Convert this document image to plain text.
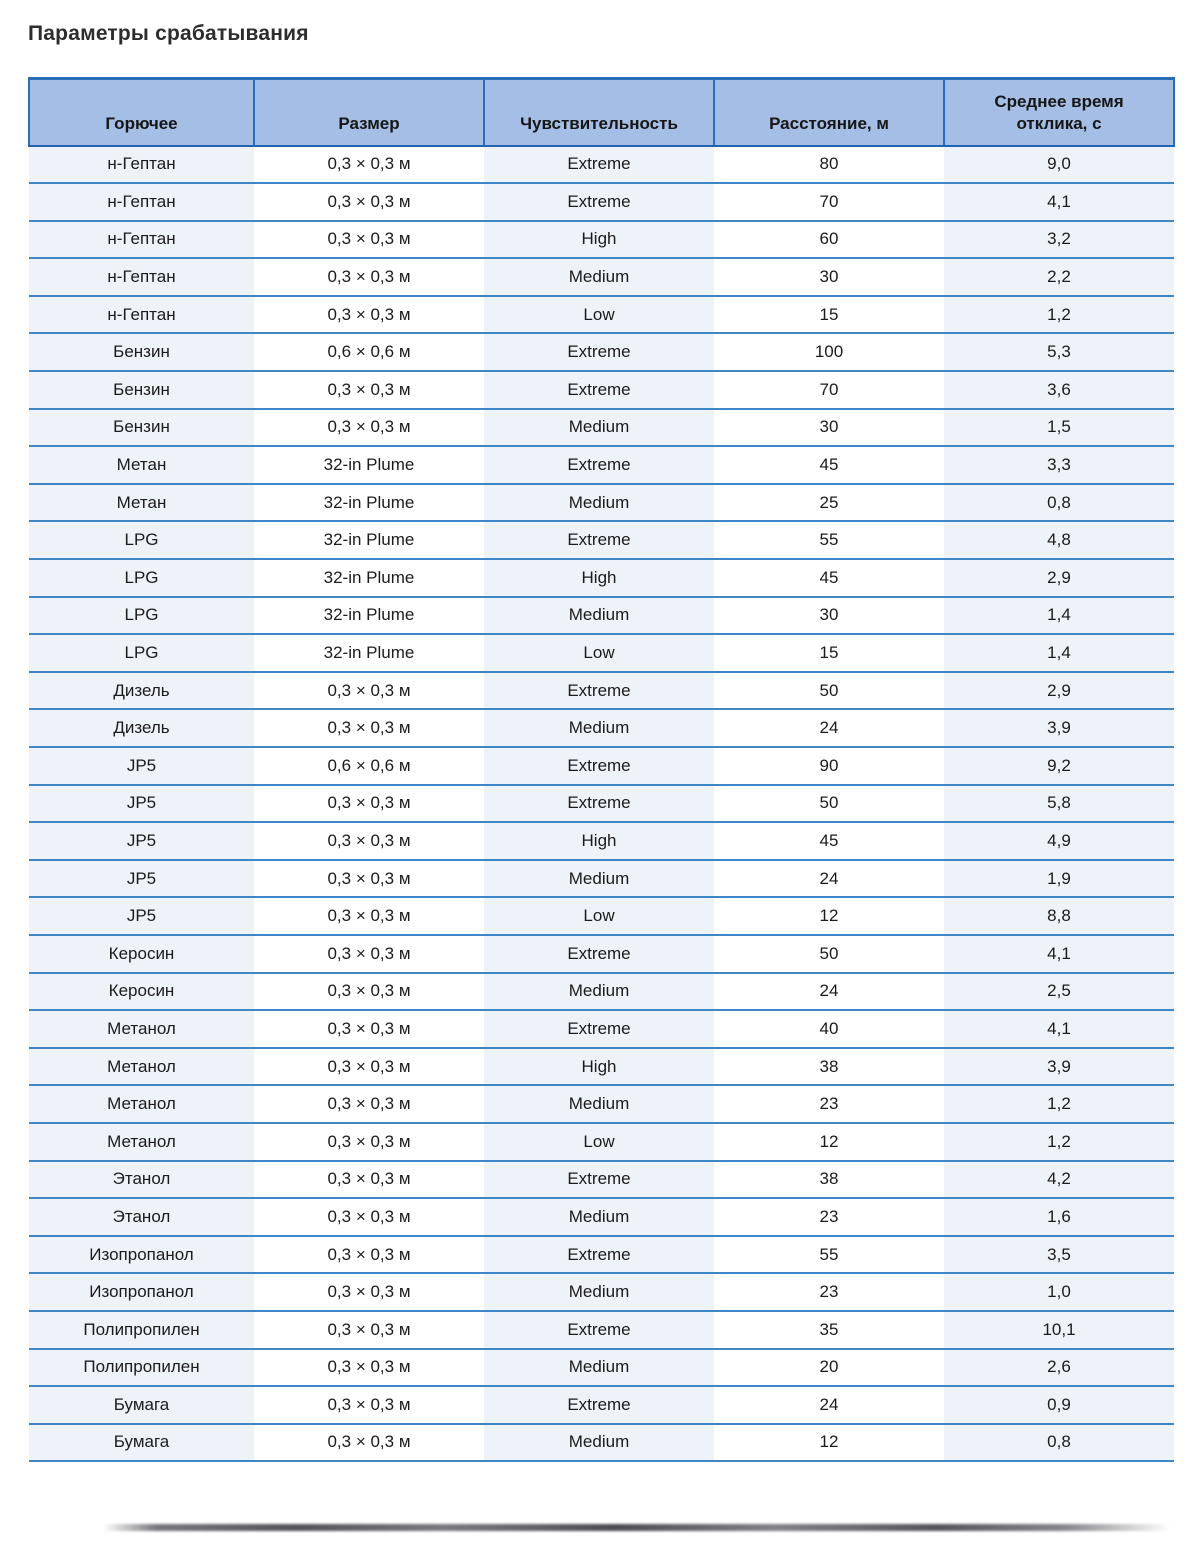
Параметры срабатывания
Горючее	Размер	Чувствительность	Расстояние, м	Среднее время отклика, с
н-Гептан	0,3 × 0,3 м	Extreme	80	9,0
н-Гептан	0,3 × 0,3 м	Extreme	70	4,1
н-Гептан	0,3 × 0,3 м	High	60	3,2
н-Гептан	0,3 × 0,3 м	Medium	30	2,2
н-Гептан	0,3 × 0,3 м	Low	15	1,2
Бензин	0,6 × 0,6 м	Extreme	100	5,3
Бензин	0,3 × 0,3 м	Extreme	70	3,6
Бензин	0,3 × 0,3 м	Medium	30	1,5
Метан	32-in Plume	Extreme	45	3,3
Метан	32-in Plume	Medium	25	0,8
LPG	32-in Plume	Extreme	55	4,8
LPG	32-in Plume	High	45	2,9
LPG	32-in Plume	Medium	30	1,4
LPG	32-in Plume	Low	15	1,4
Дизель	0,3 × 0,3 м	Extreme	50	2,9
Дизель	0,3 × 0,3 м	Medium	24	3,9
JP5	0,6 × 0,6 м	Extreme	90	9,2
JP5	0,3 × 0,3 м	Extreme	50	5,8
JP5	0,3 × 0,3 м	High	45	4,9
JP5	0,3 × 0,3 м	Medium	24	1,9
JP5	0,3 × 0,3 м	Low	12	8,8
Керосин	0,3 × 0,3 м	Extreme	50	4,1
Керосин	0,3 × 0,3 м	Medium	24	2,5
Метанол	0,3 × 0,3 м	Extreme	40	4,1
Метанол	0,3 × 0,3 м	High	38	3,9
Метанол	0,3 × 0,3 м	Medium	23	1,2
Метанол	0,3 × 0,3 м	Low	12	1,2
Этанол	0,3 × 0,3 м	Extreme	38	4,2
Этанол	0,3 × 0,3 м	Medium	23	1,6
Изопропанол	0,3 × 0,3 м	Extreme	55	3,5
Изопропанол	0,3 × 0,3 м	Medium	23	1,0
Полипропилен	0,3 × 0,3 м	Extreme	35	10,1
Полипропилен	0,3 × 0,3 м	Medium	20	2,6
Бумага	0,3 × 0,3 м	Extreme	24	0,9
Бумага	0,3 × 0,3 м	Medium	12	0,8
